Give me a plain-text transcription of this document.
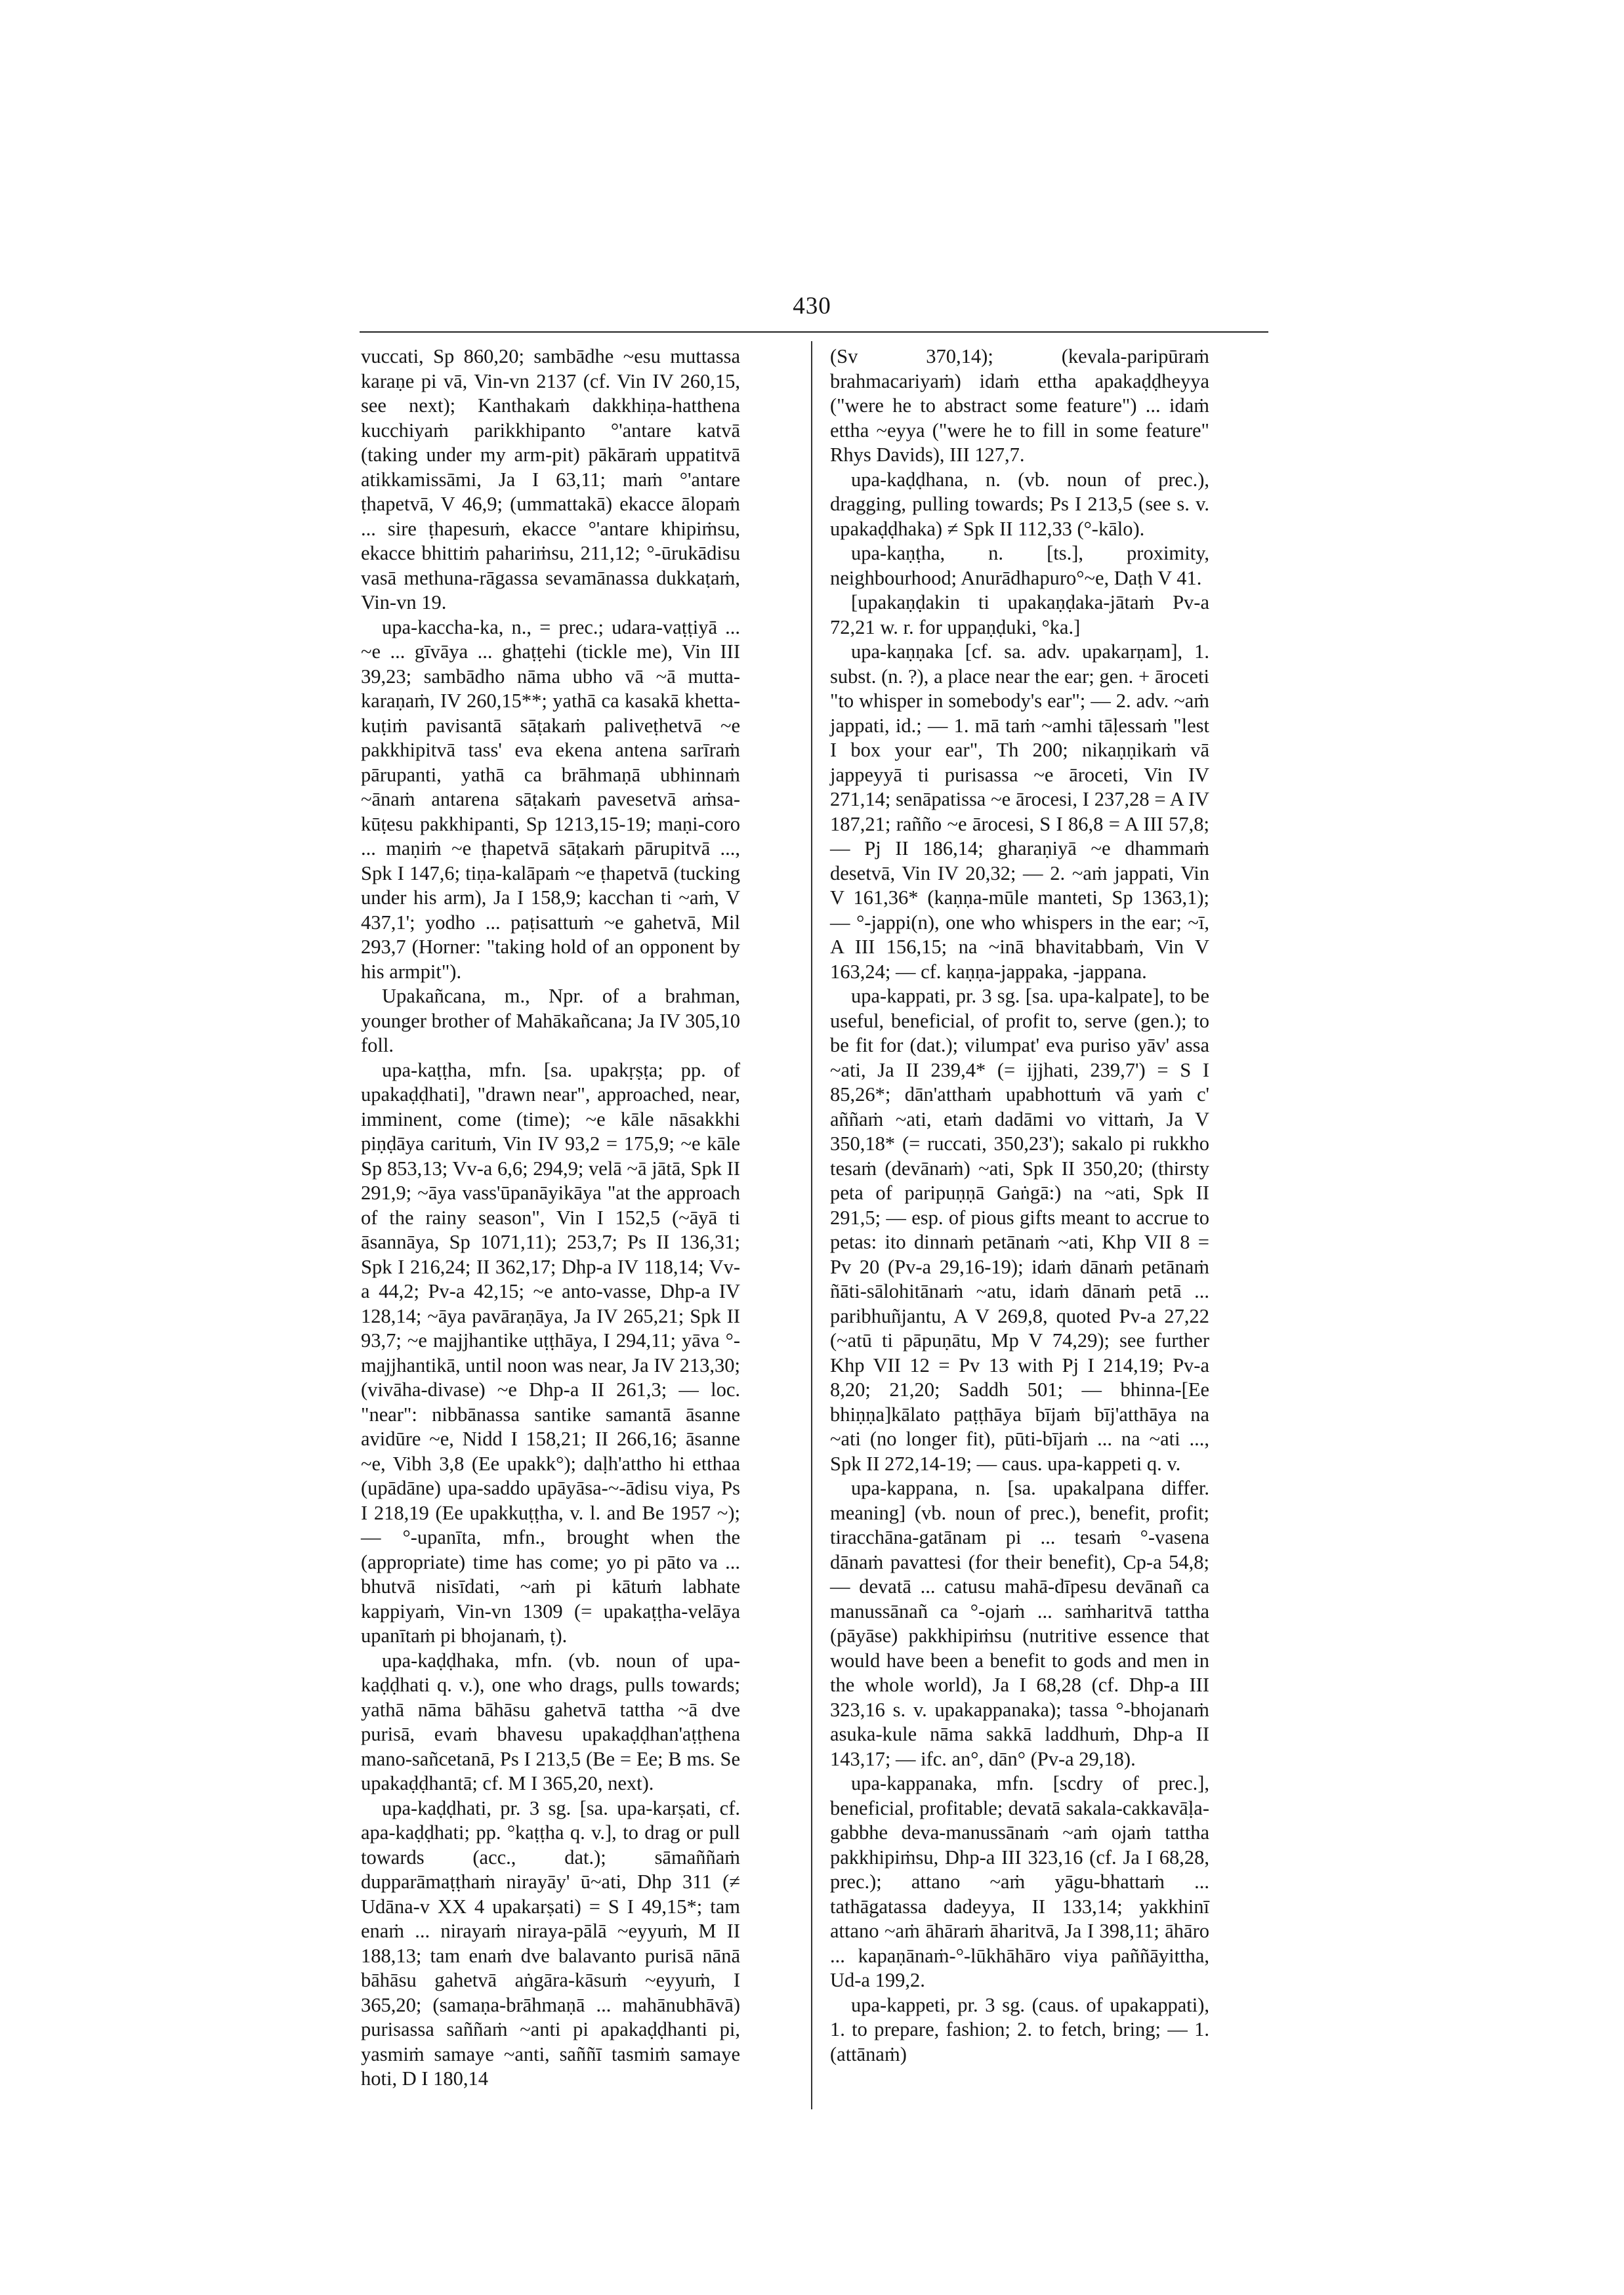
430

vuccati, Sp 860,20; sambādhe ~esu muttassa karaṇe pi vā, Vin-vn 2137 (cf. Vin IV 260,15, see next); Kanthakaṁ dakkhiṇa-hatthena kucchiyaṁ parikkhipanto °'antare katvā (taking under my arm-pit) pākāraṁ uppatitvā atikkamissāmi, Ja I 63,11; maṁ °'antare ṭhapetvā, V 46,9; (ummattakā) ekacce ālopaṁ ... sire ṭhapesuṁ, ekacce °'antare khipiṁsu, ekacce bhittiṁ pahariṁsu, 211,12; °-ūrukādisu vasā methuna-rāgassa sevamānassa dukkaṭaṁ, Vin-vn 19.

upa-kaccha-ka, n., = prec.; udara-vaṭṭiyā ... ~e ... gīvāya ... ghaṭṭehi (tickle me), Vin III 39,23; sambādho nāma ubho vā ~ā mutta-karaṇaṁ, IV 260,15**; yathā ca kasakā khetta-kuṭiṁ pavisantā sāṭakaṁ paliveṭhetvā ~e pakkhipitvā tass' eva ekena antena sarīraṁ pārupanti, yathā ca brāhmaṇā ubhinnaṁ ~ānaṁ antarena sāṭakaṁ pavesetvā aṁsa-kūṭesu pakkhipanti, Sp 1213,15-19; maṇi-coro ... maṇiṁ ~e ṭhapetvā sāṭakaṁ pārupitvā ..., Spk I 147,6; tiṇa-kalāpaṁ ~e ṭhapetvā (tucking under his arm), Ja I 158,9; kacchan ti ~aṁ, V 437,1'; yodho ... paṭisattuṁ ~e gahetvā, Mil 293,7 (Horner: "taking hold of an opponent by his armpit").

Upakañcana, m., Npr. of a brahman, younger brother of Mahākañcana; Ja IV 305,10 foll.

upa-kaṭṭha, mfn. [sa. upakṛṣṭa; pp. of upakaḍḍhati], "drawn near", approached, near, imminent, come (time); ~e kāle nāsakkhi piṇḍāya carituṁ, Vin IV 93,2 = 175,9; ~e kāle Sp 853,13; Vv-a 6,6; 294,9; velā ~ā jātā, Spk II 291,9; ~āya vass'ūpanāyikāya "at the approach of the rainy season", Vin I 152,5 (~āyā ti āsannāya, Sp 1071,11); 253,7; Ps II 136,31; Spk I 216,24; II 362,17; Dhp-a IV 118,14; Vv-a 44,2; Pv-a 42,15; ~e anto-vasse, Dhp-a IV 128,14; ~āya pavāraṇāya, Ja IV 265,21; Spk II 93,7; ~e majjhantike uṭṭhāya, I 294,11; yāva °-majjhantikā, until noon was near, Ja IV 213,30; (vivāha-divase) ~e Dhp-a II 261,3; — loc. "near": nibbānassa santike samantā āsanne avidūre ~e, Nidd I 158,21; II 266,16; āsanne ~e, Vibh 3,8 (Ee upakk°); daḷh'attho hi etthaa (upādāne) upa-saddo upāyāsa-~-ādisu viya, Ps I 218,19 (Ee upakkuṭṭha, v. l. and Be 1957 ~); — °-upanīta, mfn., brought when the (appropriate) time has come; yo pi pāto va ... bhutvā nisīdati, ~aṁ pi kātuṁ labhate kappiyaṁ, Vin-vn 1309 (= upakaṭṭha-velāya upanītaṁ pi bhojanaṁ, ṭ).

upa-kaḍḍhaka, mfn. (vb. noun of upa-kaḍḍhati q. v.), one who drags, pulls towards; yathā nāma bāhāsu gahetvā tattha ~ā dve purisā, evaṁ bhavesu upakaḍḍhan'aṭṭhena mano-sañcetanā, Ps I 213,5 (Be = Ee; B ms. Se upakaḍḍhantā; cf. M I 365,20, next).

upa-kaḍḍhati, pr. 3 sg. [sa. upa-karṣati, cf. apa-kaḍḍhati; pp. °kaṭṭha q. v.], to drag or pull towards (acc., dat.); sāmaññaṁ dupparāmaṭṭhaṁ nirayāy' ū~ati, Dhp 311 (≠ Udāna-v XX 4 upakarṣati) = S I 49,15*; tam enaṁ ... nirayaṁ niraya-pālā ~eyyuṁ, M II 188,13; tam enaṁ dve balavanto purisā nānā bāhāsu gahetvā aṅgāra-kāsuṁ ~eyyuṁ, I 365,20; (samaṇa-brāhmaṇā ... mahānubhāvā) purisassa saññaṁ ~anti pi apakaḍḍhanti pi, yasmiṁ samaye ~anti, saññī tasmiṁ samaye hoti, D I 180,14

(Sv 370,14); (kevala-paripūraṁ brahmacariyaṁ) idaṁ ettha apakaḍḍheyya ("were he to abstract some feature") ... idaṁ ettha ~eyya ("were he to fill in some feature" Rhys Davids), III 127,7.

upa-kaḍḍhana, n. (vb. noun of prec.), dragging, pulling towards; Ps I 213,5 (see s. v. upakaḍḍhaka) ≠ Spk II 112,33 (°-kālo).

upa-kaṇṭha, n. [ts.], proximity, neighbourhood; Anurādhapuro°~e, Daṭh V 41.

[upakaṇḍakin ti upakaṇḍaka-jātaṁ Pv-a 72,21 w. r. for uppaṇḍuki, °ka.]

upa-kaṇṇaka [cf. sa. adv. upakarṇam], 1. subst. (n. ?), a place near the ear; gen. + āroceti "to whisper in somebody's ear"; — 2. adv. ~aṁ jappati, id.; — 1. mā taṁ ~amhi tāḷessaṁ "lest I box your ear", Th 200; nikaṇṇikaṁ vā jappeyyā ti purisassa ~e āroceti, Vin IV 271,14; senāpatissa ~e ārocesi, I 237,28 = A IV 187,21; rañño ~e ārocesi, S I 86,8 = A III 57,8; — Pj II 186,14; gharaṇiyā ~e dhammaṁ desetvā, Vin IV 20,32; — 2. ~aṁ jappati, Vin V 161,36* (kaṇṇa-mūle manteti, Sp 1363,1); — °-jappi(n), one who whispers in the ear; ~ī, A III 156,15; na ~inā bhavitabbaṁ, Vin V 163,24; — cf. kaṇṇa-jappaka, -jappana.

upa-kappati, pr. 3 sg. [sa. upa-kalpate], to be useful, beneficial, of profit to, serve (gen.); to be fit for (dat.); vilumpat' eva puriso yāv' assa ~ati, Ja II 239,4* (= ijjhati, 239,7') = S I 85,26*; dān'atthaṁ upabhottuṁ vā yaṁ c' aññaṁ ~ati, etaṁ dadāmi vo vittaṁ, Ja V 350,18* (= ruccati, 350,23'); sakalo pi rukkho tesaṁ (devānaṁ) ~ati, Spk II 350,20; (thirsty peta of paripuṇṇā Gaṅgā:) na ~ati, Spk II 291,5; — esp. of pious gifts meant to accrue to petas: ito dinnaṁ petānaṁ ~ati, Khp VII 8 = Pv 20 (Pv-a 29,16-19); idaṁ dānaṁ petānaṁ ñāti-sālohitānaṁ ~atu, idaṁ dānaṁ petā ... paribhuñjantu, A V 269,8, quoted Pv-a 27,22 (~atū ti pāpuṇātu, Mp V 74,29); see further Khp VII 12 = Pv 13 with Pj I 214,19; Pv-a 8,20; 21,20; Saddh 501; — bhinna-[Ee bhiṇṇa]kālato paṭṭhāya bījaṁ bīj'atthāya na ~ati (no longer fit), pūti-bījaṁ ... na ~ati ..., Spk II 272,14-19; — caus. upa-kappeti q. v.

upa-kappana, n. [sa. upakalpana differ. meaning] (vb. noun of prec.), benefit, profit; tiracchāna-gatānam pi ... tesaṁ °-vasena dānaṁ pavattesi (for their benefit), Cp-a 54,8; — devatā ... catusu mahā-dīpesu devānañ ca manussānañ ca °-ojaṁ ... saṁharitvā tattha (pāyāse) pakkhipiṁsu (nutritive essence that would have been a benefit to gods and men in the whole world), Ja I 68,28 (cf. Dhp-a III 323,16 s. v. upakappanaka); tassa °-bhojanaṁ asuka-kule nāma sakkā laddhuṁ, Dhp-a II 143,17; — ifc. an°, dān° (Pv-a 29,18).

upa-kappanaka, mfn. [scdry of prec.], beneficial, profitable; devatā sakala-cakkavāḷa-gabbhe deva-manussānaṁ ~aṁ ojaṁ tattha pakkhipiṁsu, Dhp-a III 323,16 (cf. Ja I 68,28, prec.); attano ~aṁ yāgu-bhattaṁ ... tathāgatassa dadeyya, II 133,14; yakkhinī attano ~aṁ āhāraṁ āharitvā, Ja I 398,11; āhāro ... kapaṇānaṁ-°-lūkhāhāro viya paññāyittha, Ud-a 199,2.

upa-kappeti, pr. 3 sg. (caus. of upakappati), 1. to prepare, fashion; 2. to fetch, bring; — 1. (attānaṁ)
